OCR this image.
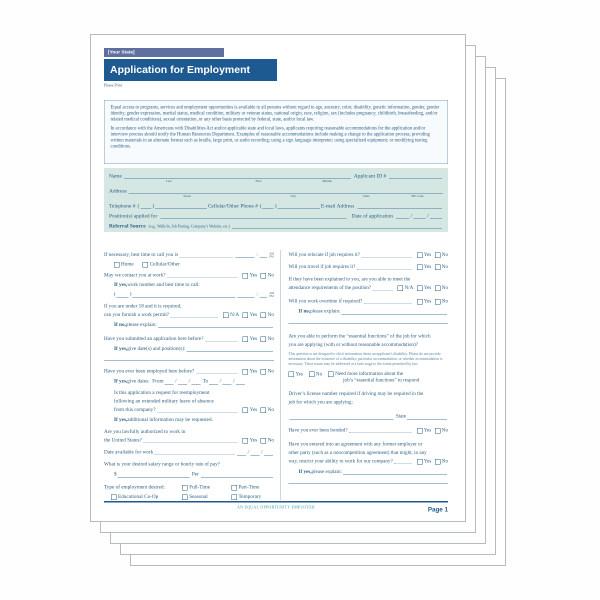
[Your State]
Application for Employment
Please Print

Equal access to programs, services and employment opportunities is available to all persons without regard to age, ancestry, color, disability, genetic information, gender, gender identity, gender expression, marital status, medical condition, military or veteran status, national origin, race, religion, sex (includes pregnancy, childbirth, breastfeeding, and/or related medical conditions), sexual orientation, or any other basis protected by federal, state, and/or local law.

In accordance with the Americans with Disabilities Act and/or applicable state and local laws, applicants requiring reasonable accommodations for the application and/or interview process should notify the Human Resources Department. Examples of reasonable accommodations include making a change to the application process; providing written materials in an alternate format such as braille, large print, or audio recording; using a sign language interpreter; using specialized equipment; or modifying testing conditions.

Name
Last	First	Middle
Applicant ID #
Address
Street	City	State	ZIP Code
Telephone # ( )	Cellular/Other Phone # ( )	E-mail Address
Position(s) applied for	Date of application / /
Referral Source (e.g., Walk-In, Job Posting, Company’s Website, etc.)
If necessary, best time to call you is	: AM
PM
Home Cellular/Other
May we contact you at work?	Yes No
If yes, work number and best time to call:
( )	: AM
PM
If you are under 18 and it is required,
can you furnish a work permit?	N/A Yes No
If no, please explain:
Have you submitted an application here before?	Yes No
If yes, give date(s) and position(s):
Have you ever been employed here before?	Yes No
If yes, give dates: From / / To / /
Is this application a request for reemployment
following an extended military leave of absence
from this company?	Yes No
If yes, additional information may be requested.
Are you lawfully authorized to work in
the United States?	Yes No
Date available for work	/ /
What is your desired salary range or hourly rate of pay?
$	Per
Type of employment desired:	Full-Time	Part-Time
Educational Co-Op	Seasonal	Temporary
Will you relocate if job requires it?	Yes No
Will you travel if job requires it?	Yes No
If they have been explained to you, are you able to meet the
attendance requirements of the position?	N/A Yes No
Will you work overtime if required?	Yes No
If no, please explain:
Are you able to perform the “essential functions” of the job for which
you are applying (with or without reasonable accommodation)?
This question is not designed to elicit information about an applicant’s disability. Please do not provide information about the existence of a disability, particular accommodation, or whether accommodation is necessary. These issues may be addressed at a later stage to the extent permitted by law.
Yes No Need more information about the
job’s “essential functions” to respond
Driver’s license number required if driving may be required in the
job for which you are applying:
State
Have you ever been bonded?	Yes No
Have you entered into an agreement with any former employer or
other party (such as a noncompetition agreement) that might, in any
way, restrict your ability to work for our company?	Yes No
If yes, please explain:
AN EQUAL OPPORTUNITY EMPLOYER	Page 1
